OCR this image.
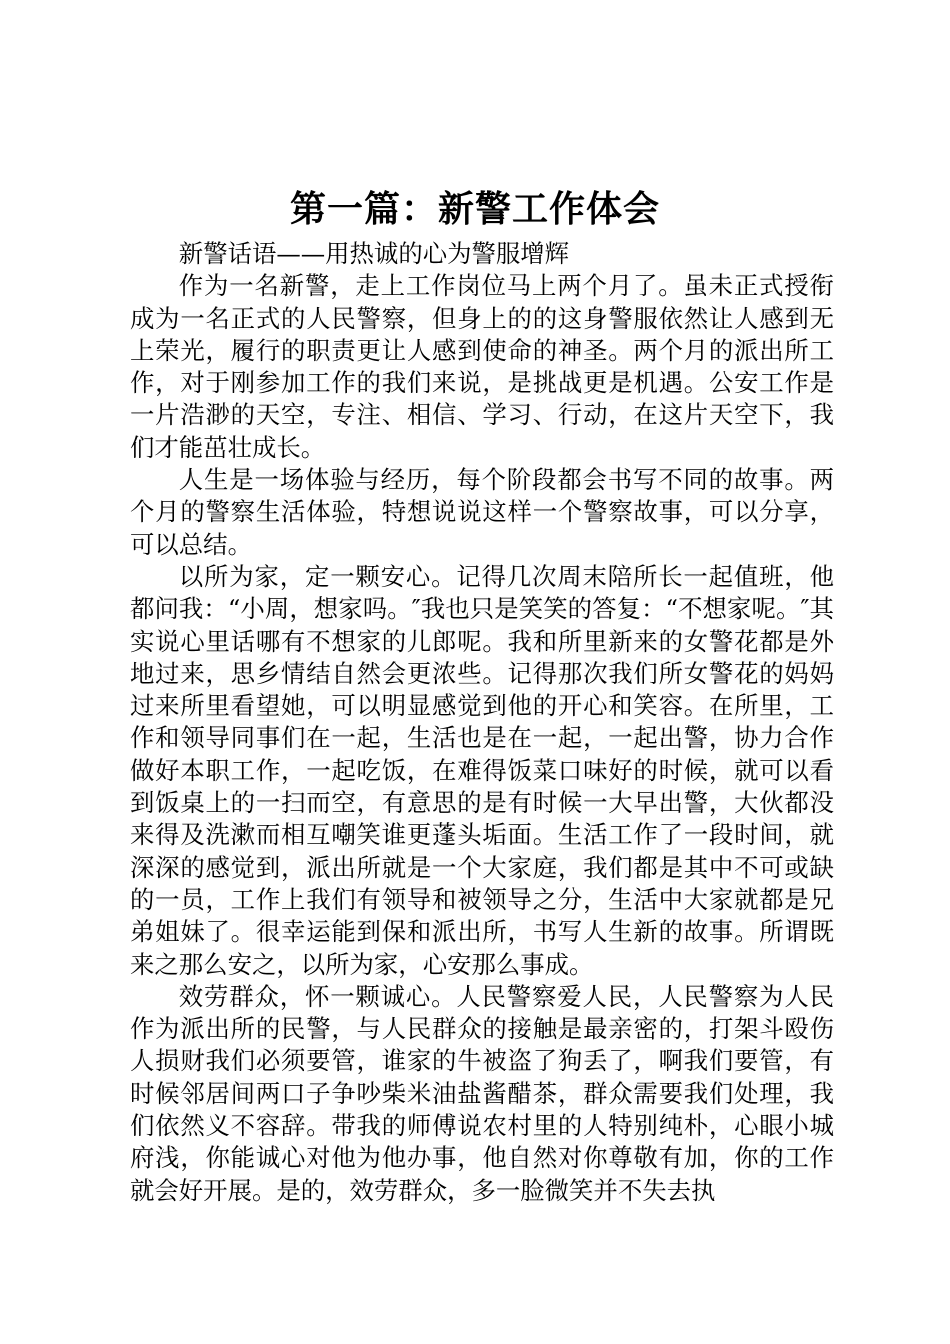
第一篇：新警工作体会

新警话语——用热诚的心为警服增辉

作为一名新警，走上工作岗位马上两个月了。虽未正式授衔成为一名正式的人民警察，但身上的的这身警服依然让人感到无上荣光，履行的职责更让人感到使命的神圣。两个月的派出所工作，对于刚参加工作的我们来说，是挑战更是机遇。公安工作是一片浩渺的天空，专注、相信、学习、行动，在这片天空下，我们才能茁壮成长。

人生是一场体验与经历，每个阶段都会书写不同的故事。两个月的警察生活体验，特想说说这样一个警察故事，可以分享，可以总结。

以所为家，定一颗安心。记得几次周末陪所长一起值班，他都问我：“小周，想家吗。″我也只是笑笑的答复：“不想家呢。″其实说心里话哪有不想家的儿郎呢。我和所里新来的女警花都是外地过来，思乡情结自然会更浓些。记得那次我们所女警花的妈妈过来所里看望她，可以明显感觉到他的开心和笑容。在所里，工作和领导同事们在一起，生活也是在一起，一起出警，协力合作做好本职工作，一起吃饭，在难得饭菜口味好的时候，就可以看到饭桌上的一扫而空，有意思的是有时候一大早出警，大伙都没来得及洗漱而相互嘲笑谁更蓬头垢面。生活工作了一段时间，就深深的感觉到，派出所就是一个大家庭，我们都是其中不可或缺的一员，工作上我们有领导和被领导之分，生活中大家就都是兄弟姐妹了。很幸运能到保和派出所，书写人生新的故事。所谓既来之那么安之，以所为家，心安那么事成。

效劳群众，怀一颗诚心。人民警察爱人民，人民警察为人民作为派出所的民警，与人民群众的接触是最亲密的，打架斗殴伤人损财我们必须要管，谁家的牛被盗了狗丢了，啊我们要管，有时候邻居间两口子争吵柴米油盐酱醋茶，群众需要我们处理，我们依然义不容辞。带我的师傅说农村里的人特别纯朴，心眼小城府浅，你能诚心对他为他办事，他自然对你尊敬有加，你的工作就会好开展。是的，效劳群众，多一脸微笑并不失去执
